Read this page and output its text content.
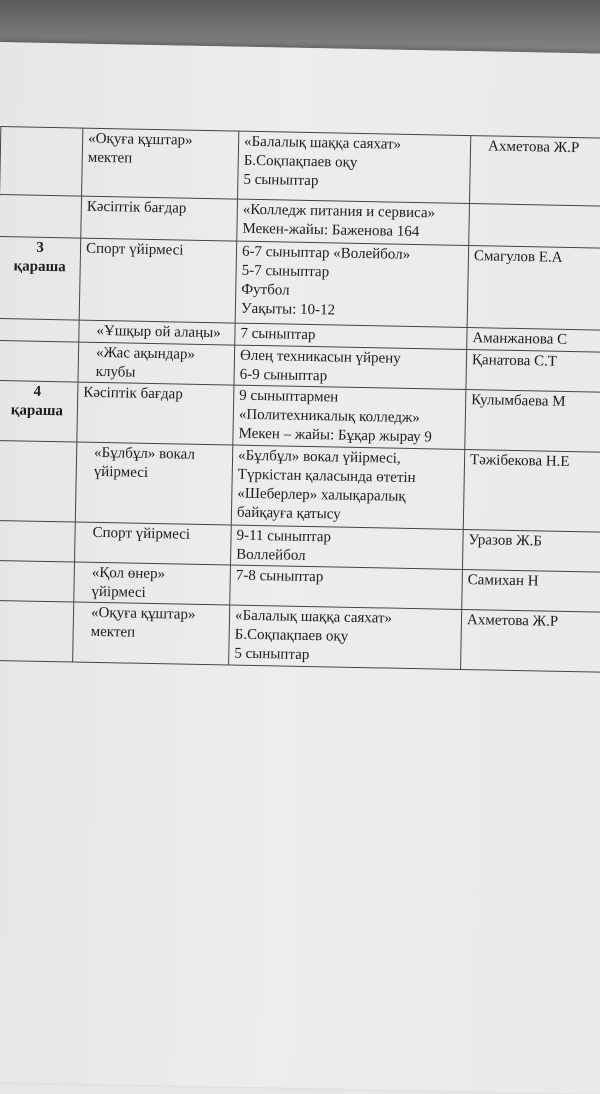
	«Оқуға құштар»
мектеп	«Балалық шаққа саяхат»
Б.Соқпақпаев оқу
5 сыныптар	Ахметова Ж.Р

	Кәсіптік бағдар	«Колледж питания и сервиса»
Мекен-жайы: Баженова 164	

3
қараша	Спорт үйірмесі	6-7 сыныптар «Волейбол»
5-7 сыныптар
Футбол
Уақыты: 10-12	Смагулов Е.А

	«Ұшқыр ой алаңы»	7 сыныптар	Аманжанова С

	«Жас ақындар»
клубы	Өлең техникасын үйрену
6-9 сыныптар	Қанатова С.Т

4
қараша	Кәсіптік бағдар	9 сыныптармен
«Политехникалық колледж»
Мекен – жайы: Бұқар жырау 9	Кулымбаева М

	«Бұлбұл» вокал
үйірмесі	«Бұлбұл» вокал үйірмесі,
Түркістан қаласында өтетін
«Шеберлер» халықаралық
байқауға қатысу	Тәжібекова Н.Е

	Спорт үйірмесі	9-11 сыныптар
Воллейбол	Уразов Ж.Б

	«Қол өнер»
үйірмесі	7-8 сыныптар	Самихан Н

	«Оқуға құштар»
мектеп	«Балалық шаққа саяхат»
Б.Соқпақпаев оқу
5 сыныптар	Ахметова Ж.Р
